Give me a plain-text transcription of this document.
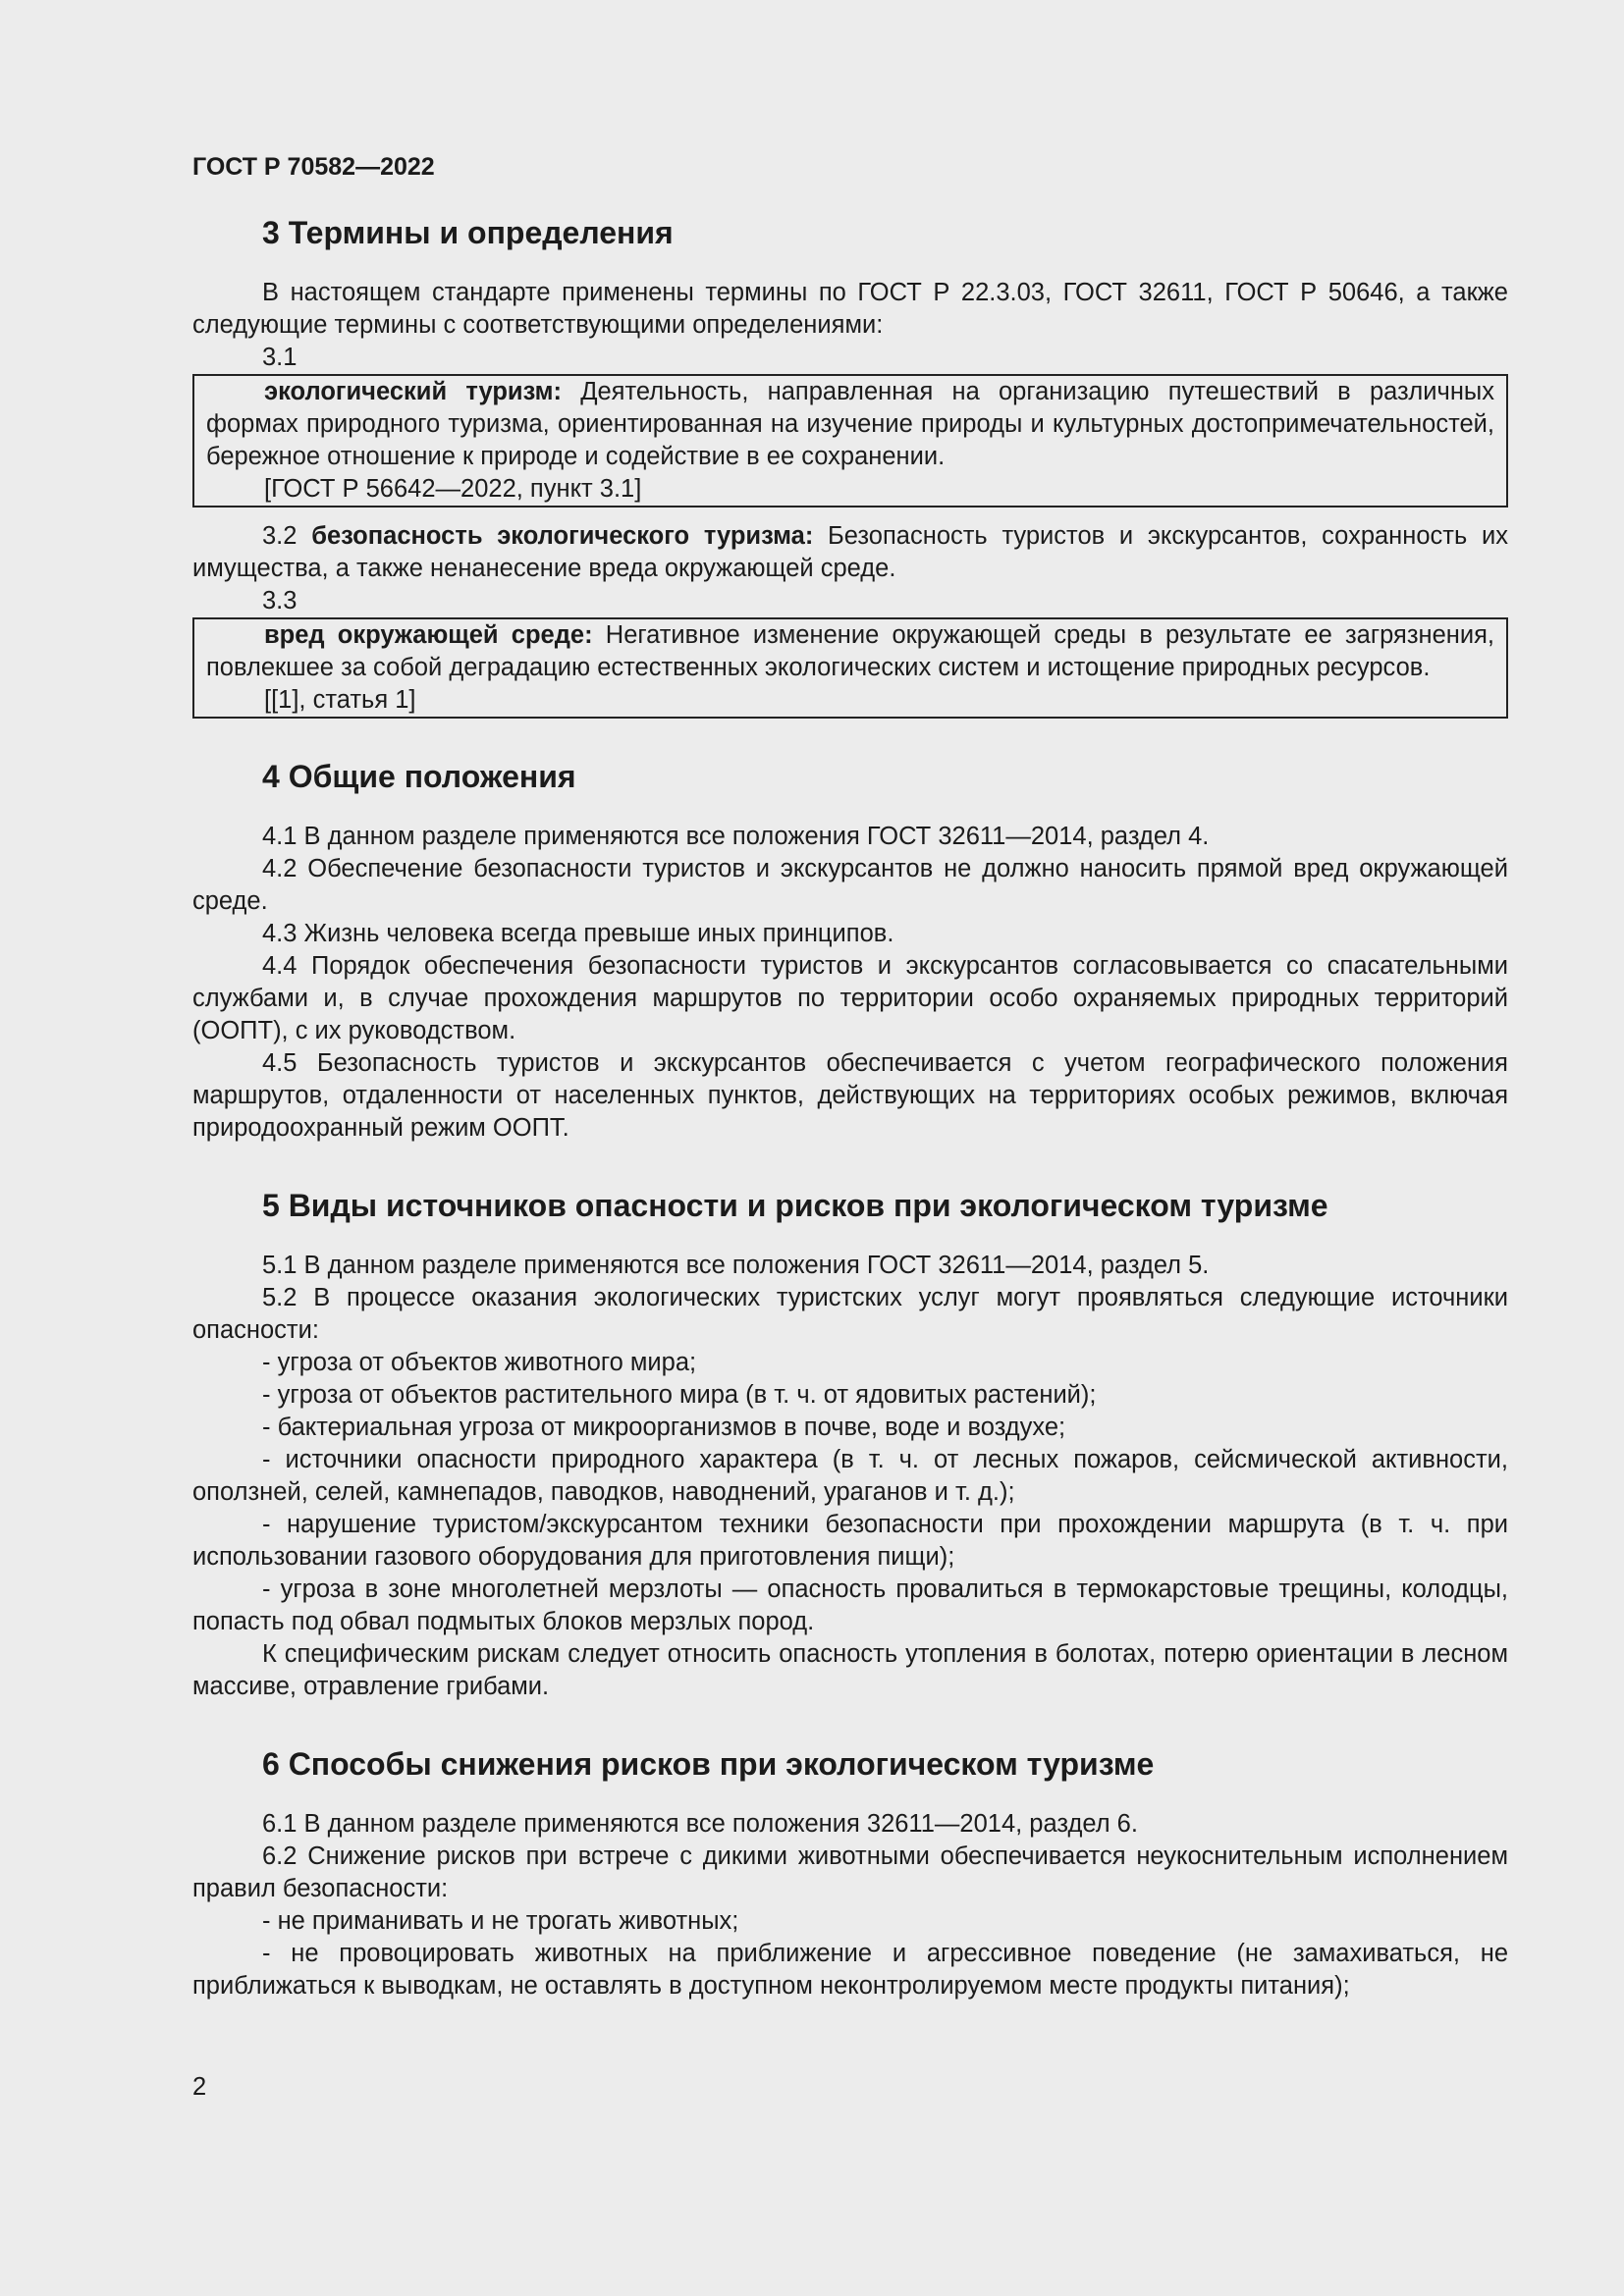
ГОСТ Р 70582—2022
3 Термины и определения

В настоящем стандарте применены термины по ГОСТ Р 22.3.03, ГОСТ 32611, ГОСТ Р 50646, а также следующие термины с соответствующими определениями:

3.1

экологический туризм: Деятельность, направленная на организацию путешествий в различных формах природного туризма, ориентированная на изучение природы и культурных достопримечательностей, бережное отношение к природе и содействие в ее сохранении.

[ГОСТ Р 56642—2022, пункт 3.1]

3.2 безопасность экологического туризма: Безопасность туристов и экскурсантов, сохранность их имущества, а также ненанесение вреда окружающей среде.

3.3

вред окружающей среде: Негативное изменение окружающей среды в результате ее загрязнения, повлекшее за собой деградацию естественных экологических систем и истощение природных ресурсов.

[[1], статья 1]
4 Общие положения

4.1 В данном разделе применяются все положения ГОСТ 32611—2014, раздел 4.

4.2 Обеспечение безопасности туристов и экскурсантов не должно наносить прямой вред окружающей среде.

4.3 Жизнь человека всегда превыше иных принципов.

4.4 Порядок обеспечения безопасности туристов и экскурсантов согласовывается со спасательными службами и, в случае прохождения маршрутов по территории особо охраняемых природных территорий (ООПТ), с их руководством.

4.5 Безопасность туристов и экскурсантов обеспечивается с учетом географического положения маршрутов, отдаленности от населенных пунктов, действующих на территориях особых режимов, включая природоохранный режим ООПТ.

5 Виды источников опасности и рисков при экологическом туризме

5.1 В данном разделе применяются все положения ГОСТ 32611—2014, раздел 5.

5.2 В процессе оказания экологических туристских услуг могут проявляться следующие источники опасности:

- угроза от объектов животного мира;

- угроза от объектов растительного мира (в т. ч. от ядовитых растений);

- бактериальная угроза от микроорганизмов в почве, воде и воздухе;

- источники опасности природного характера (в т. ч. от лесных пожаров, сейсмической активности, оползней, селей, камнепадов, паводков, наводнений, ураганов и т. д.);

- нарушение туристом/экскурсантом техники безопасности при прохождении маршрута (в т. ч. при использовании газового оборудования для приготовления пищи);

- угроза в зоне многолетней мерзлоты — опасность провалиться в термокарстовые трещины, колодцы, попасть под обвал подмытых блоков мерзлых пород.

К специфическим рискам следует относить опасность утопления в болотах, потерю ориентации в лесном массиве, отравление грибами.

6 Способы снижения рисков при экологическом туризме

6.1 В данном разделе применяются все положения 32611—2014, раздел 6.

6.2 Снижение рисков при встрече с дикими животными обеспечивается неукоснительным исполнением правил безопасности:

- не приманивать и не трогать животных;

- не провоцировать животных на приближение и агрессивное поведение (не замахиваться, не приближаться к выводкам, не оставлять в доступном неконтролируемом месте продукты питания);

2
